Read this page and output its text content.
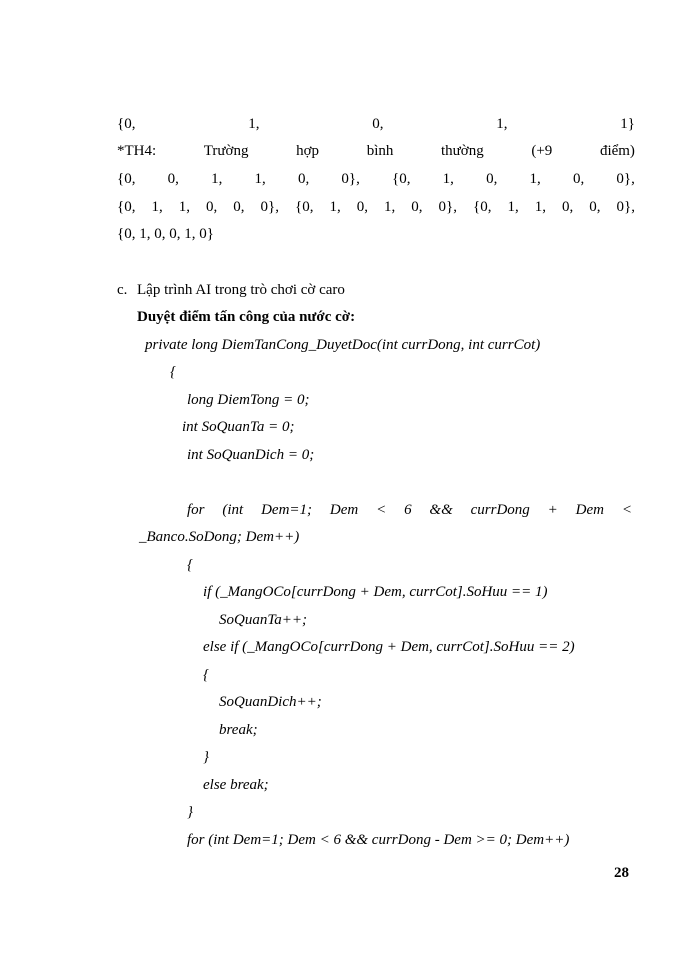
{0,	1,	0,	1,	1}
*TH4:	Trường	hợp	bình	thường	(+9	điểm)
{0, 0, 1, 1, 0, 0}, {0, 1, 0, 1, 0, 0},
{0, 1, 1, 0, 0, 0}, {0, 1, 0, 1, 0, 0}, {0, 1, 1, 0, 0, 0},
{0, 1, 0, 0, 1, 0}
c. Lập trình AI trong trò chơi cờ caro
Duyệt điểm tấn công của nước cờ:
private long DiemTanCong_DuyetDoc(int currDong, int currCot)
{
long DiemTong = 0;
int SoQuanTa = 0;
int SoQuanDich = 0;
for (int Dem=1; Dem < 6 && currDong + Dem <
_Banco.SoDong; Dem++)
{
if (_MangOCo[currDong + Dem, currCot].SoHuu == 1)
SoQuanTa++;
else if (_MangOCo[currDong + Dem, currCot].SoHuu == 2)
{
SoQuanDich++;
break;
}
else break;
}
for (int Dem=1; Dem < 6 && currDong - Dem >= 0; Dem++)
28
